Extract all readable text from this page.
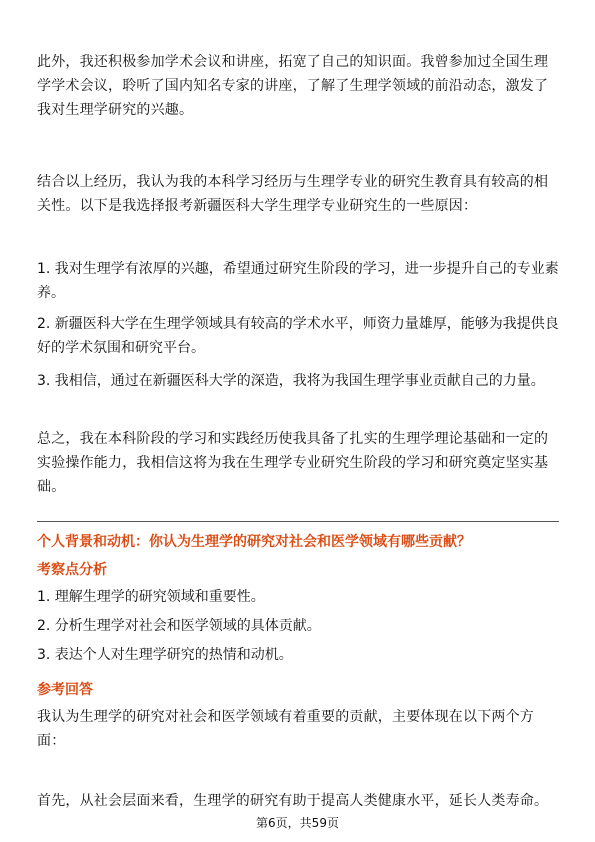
此外，我还积极参加学术会议和讲座，拓宽了自己的知识面。我曾参加过全国生理学学术会议，聆听了国内知名专家的讲座，了解了生理学领域的前沿动态，激发了我对生理学研究的兴趣。

结合以上经历，我认为我的本科学习经历与生理学专业的研究生教育具有较高的相关性。以下是我选择报考新疆医科大学生理学专业研究生的一些原因：

1. 我对生理学有浓厚的兴趣，希望通过研究生阶段的学习，进一步提升自己的专业素养。

2. 新疆医科大学在生理学领域具有较高的学术水平，师资力量雄厚，能够为我提供良好的学术氛围和研究平台。

3. 我相信，通过在新疆医科大学的深造，我将为我国生理学事业贡献自己的力量。

总之，我在本科阶段的学习和实践经历使我具备了扎实的生理学理论基础和一定的实验操作能力，我相信这将为我在生理学专业研究生阶段的学习和研究奠定坚实基础。

个人背景和动机：你认为生理学的研究对社会和医学领域有哪些贡献？

考察点分析

1. 理解生理学的研究领域和重要性。

2. 分析生理学对社会和医学领域的具体贡献。

3. 表达个人对生理学研究的热情和动机。

参考回答

我认为生理学的研究对社会和医学领域有着重要的贡献，主要体现在以下两个方面：

首先，从社会层面来看，生理学的研究有助于提高人类健康水平，延长人类寿命。

第6页，共59页
